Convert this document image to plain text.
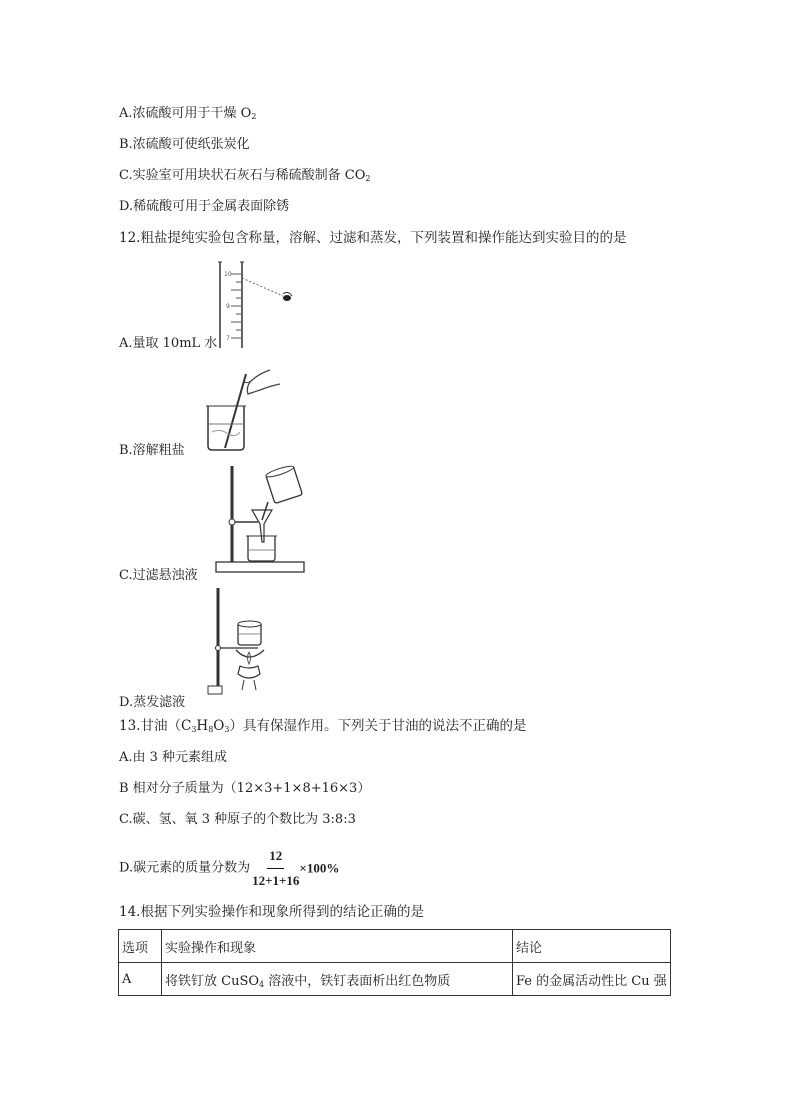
A.浓硫酸可用于干燥 $O_2$
B.浓硫酸可使纸张炭化
C.实验室可用块状石灰石与稀硫酸制备 $CO_2$
D.稀硫酸可用于金属表面除锈
12.粗盐提纯实验包含称量，溶解、过滤和蒸发，下列装置和操作能达到实验目的的是
10
9
7
A.量取 10mL 水
B.溶解粗盐
C.过滤悬浊液
D.蒸发滤液
13.甘油$(C_3H_8O_3)$具有保湿作用。下列关于甘油的说法不正确的是
A.由 3 种元素组成
B 相对分子质量为（12×3+1×8+16×3）
C.碳、氢、氧 3 种原子的个数比为 3:8:3
D.碳元素的质量分数为 $\frac{12}{12+1+16} \times 100\%$
14.根据下列实验操作和现象所得到的结论正确的是
选项	实验操作和现象	结论
A	将铁钉放 CuSO$_4$ 溶液中，铁钉表面析出红色物质	Fe 的金属活动性比 Cu 强
